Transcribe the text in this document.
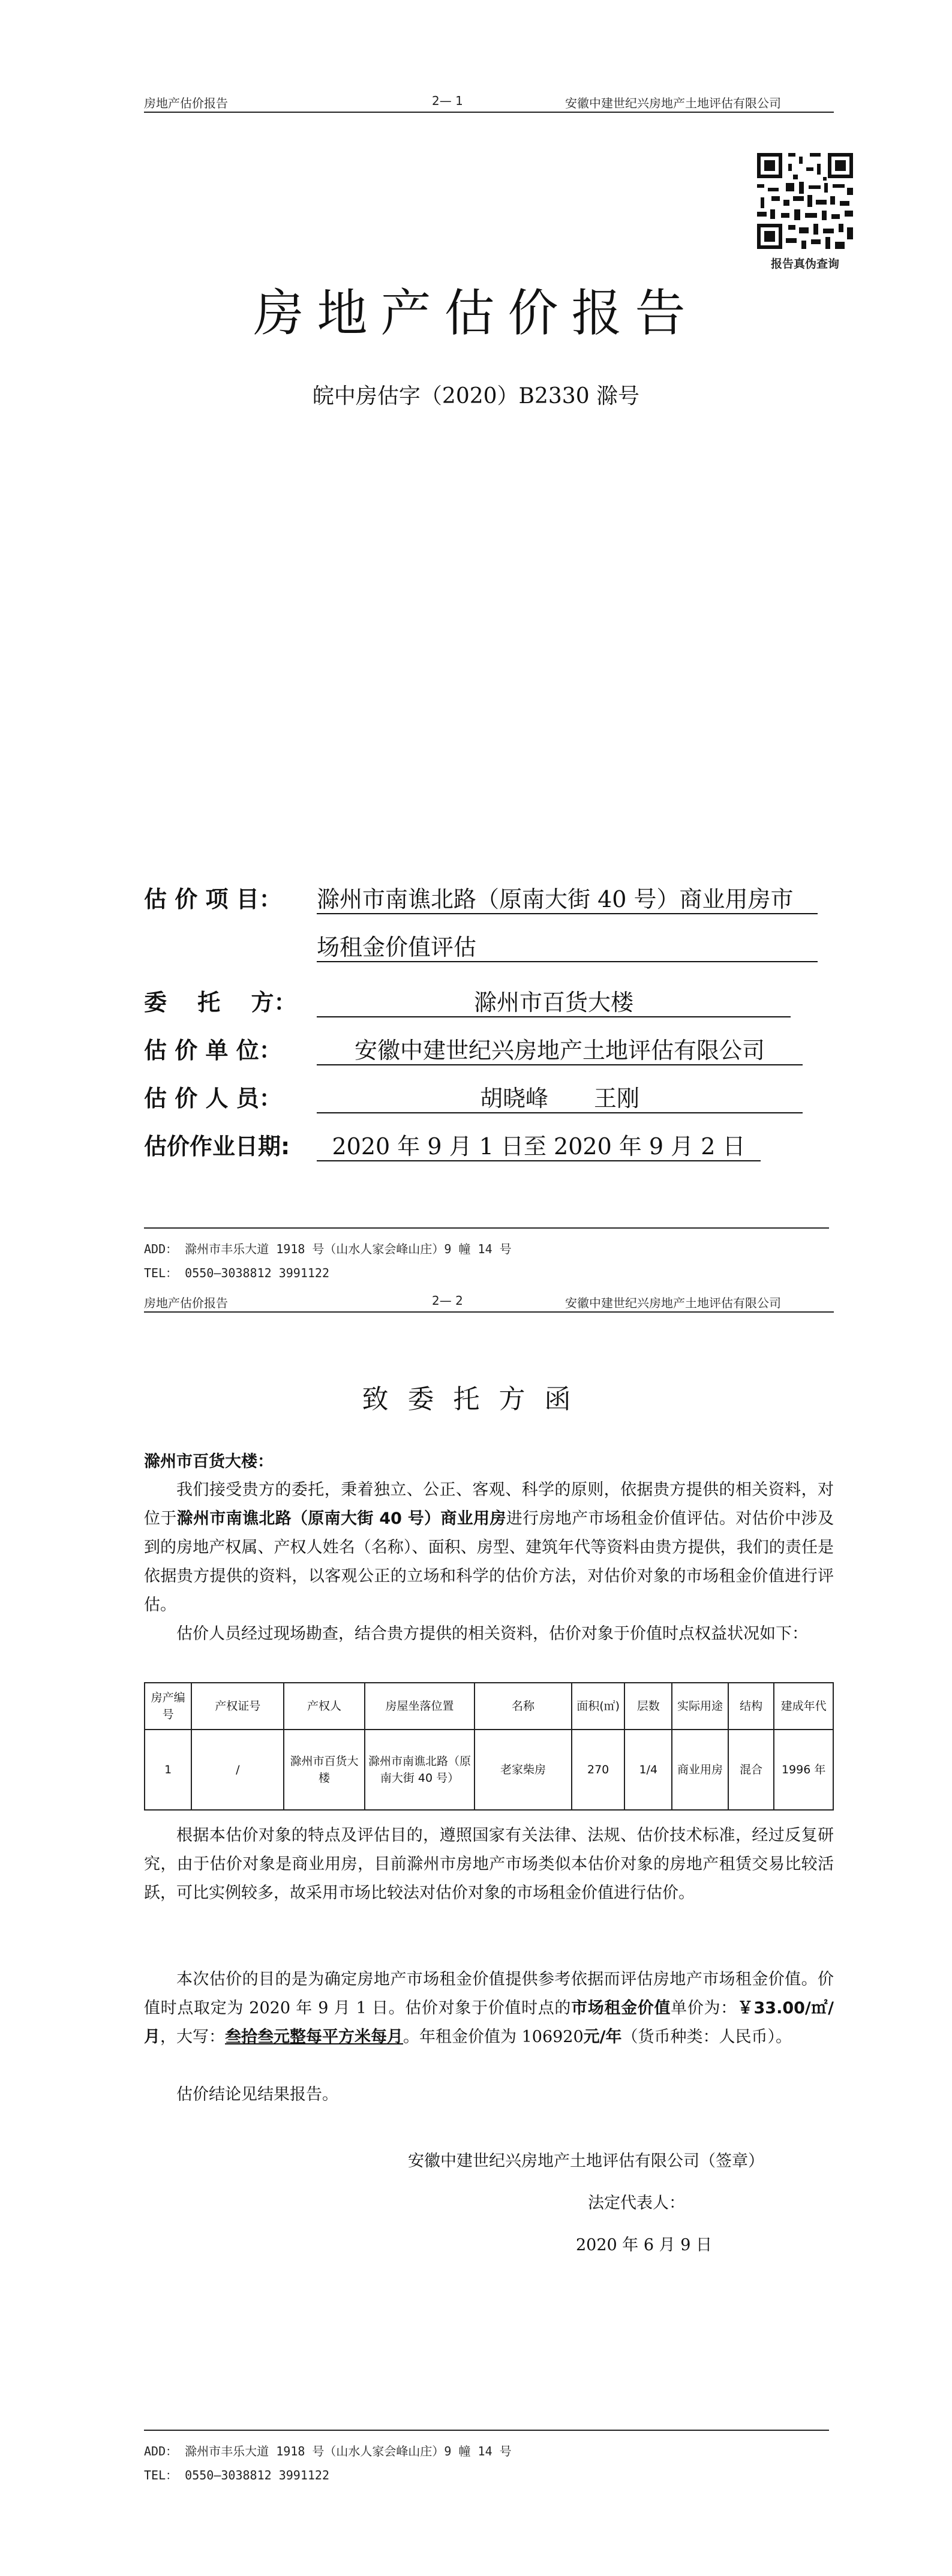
房地产估价报告	2— 1	安徽中建世纪兴房地产土地评估有限公司
报告真伪查询
房地产估价报告
皖中房估字（2020）B2330 滁号
估 价 项 目： 滁州市南谯北路（原南大街 40 号）商业用房市
场租金价值评估
委　 托　 方：	滁州市百货大楼
估 价 单 位：	安徽中建世纪兴房地产土地评估有限公司
估 价 人 员：	胡晓峰　　王刚
估价作业日期:	2020 年 9 月 1 日至 2020 年 9 月 2 日
ADD： 滁州市丰乐大道 1918 号（山水人家会峰山庄）9 幢 14 号
TEL： 0550—3038812 3991122
房地产估价报告	2— 2	安徽中建世纪兴房地产土地评估有限公司
致委托方函
滁州市百货大楼：
我们接受贵方的委托，秉着独立、公正、客观、科学的原则，依据贵方提供的相关资料，对位于滁州市南谯北路（原南大街 40 号）商业用房进行房地产市场租金价值评估。对估价中涉及到的房地产权属、产权人姓名（名称）、面积、房型、建筑年代等资料由贵方提供，我们的责任是依据贵方提供的资料，以客观公正的立场和科学的估价方法，对估价对象的市场租金价值进行评估。
估价人员经过现场勘查，结合贵方提供的相关资料，估价对象于价值时点权益状况如下：
房产编号	产权证号	产权人	房屋坐落位置	名称	面积(㎡)	层数	实际用途	结构	建成年代
1	/	滁州市百货大楼	滁州市南谯北路（原南大街 40 号）	老家柴房	270	1/4	商业用房	混合	1996 年
根据本估价对象的特点及评估目的，遵照国家有关法律、法规、估价技术标准，经过反复研究，由于估价对象是商业用房，目前滁州市房地产市场类似本估价对象的房地产租赁交易比较活跃，可比实例较多，故采用市场比较法对估价对象的市场租金价值进行估价。
本次估价的目的是为确定房地产市场租金价值提供参考依据而评估房地产市场租金价值。价值时点取定为 2020 年 9 月 1 日。估价对象于价值时点的市场租金价值单价为：￥33.00/㎡/月，大写：叁拾叁元整每平方米每月。年租金价值为 106920元/年（货币种类：人民币）。
估价结论见结果报告。
安徽中建世纪兴房地产土地评估有限公司（签章）
法定代表人：
2020 年 6 月 9 日
ADD： 滁州市丰乐大道 1918 号（山水人家会峰山庄）9 幢 14 号
TEL： 0550—3038812 3991122
